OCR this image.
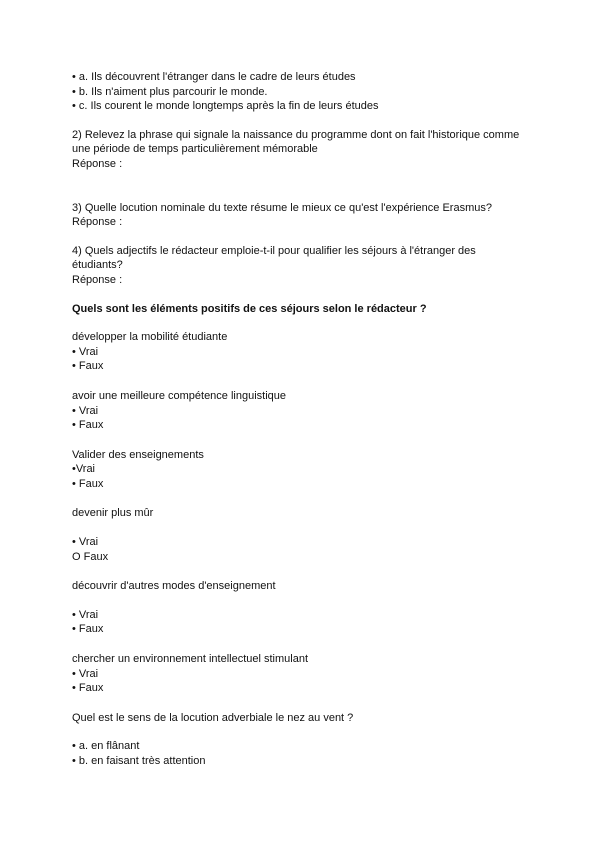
• a. Ils découvrent l'étranger dans le cadre de leurs études
• b. Ils n'aiment plus parcourir le monde.
• c. Ils courent le monde longtemps après la fin de leurs études
2) Relevez la phrase qui signale la naissance du programme dont on fait l'historique comme
une période de temps particulièrement mémorable
Réponse :
3) Quelle locution nominale du texte résume le mieux ce qu'est l'expérience Erasmus?
Réponse :
4) Quels adjectifs le rédacteur emploie-t-il pour qualifier les séjours à l'étranger des
étudiants?
Réponse :
Quels sont les éléments positifs de ces séjours selon le rédacteur ?
développer la mobilité étudiante
• Vrai
• Faux
avoir une meilleure compétence linguistique
• Vrai
• Faux
Valider des enseignements
•Vrai
• Faux
devenir plus mûr
• Vrai
O Faux
découvrir d'autres modes d'enseignement
• Vrai
• Faux
chercher un environnement intellectuel stimulant
• Vrai
• Faux
Quel est le sens de la locution adverbiale le nez au vent ?
• a. en flânant
• b. en faisant très attention
